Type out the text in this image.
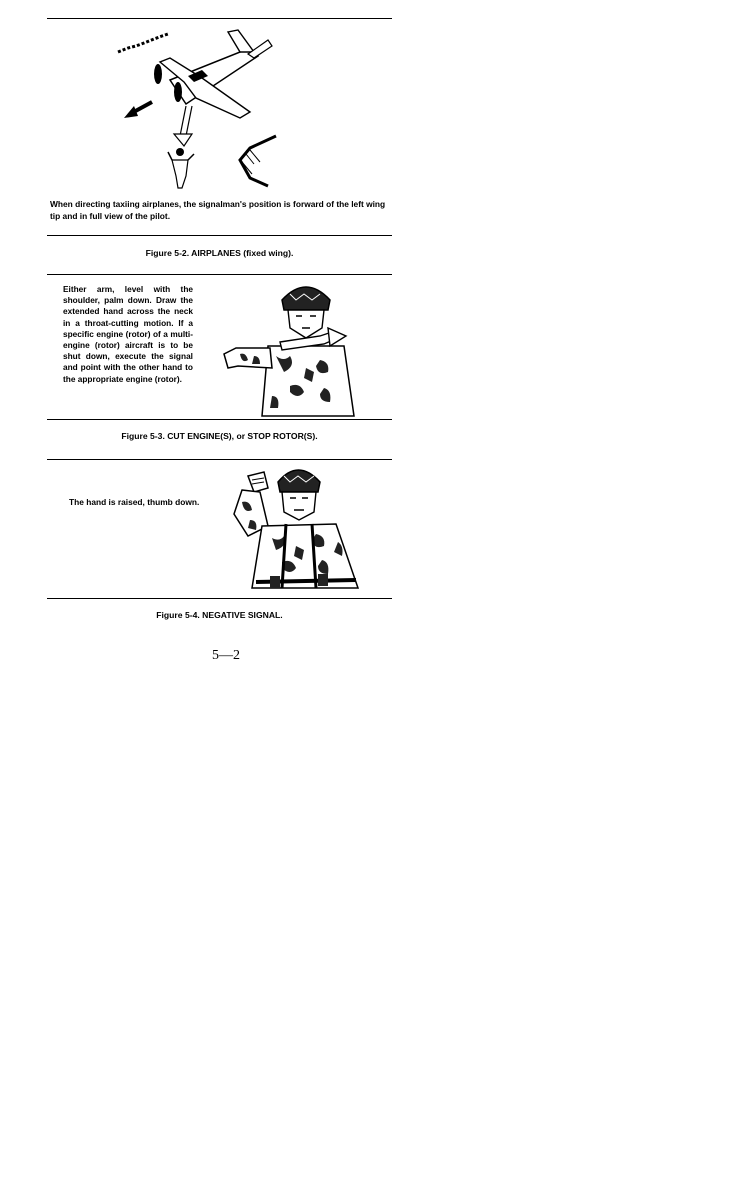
When directing taxiing airplanes, the signalman's position is forward of the left wing tip and in full view of the pilot.
Figure 5-2. AIRPLANES (fixed wing).
Either arm, level with the shoulder, palm down. Draw the extended hand across the neck in a throat-cutting motion. If a specific engine (rotor) of a multi-engine (rotor) aircraft is to be shut down, execute the signal and point with the other hand to the appropriate engine (rotor).
Figure 5-3. CUT ENGINE(S), or STOP ROTOR(S).
The hand is raised, thumb down.
Figure 5-4. NEGATIVE SIGNAL.
5—2
